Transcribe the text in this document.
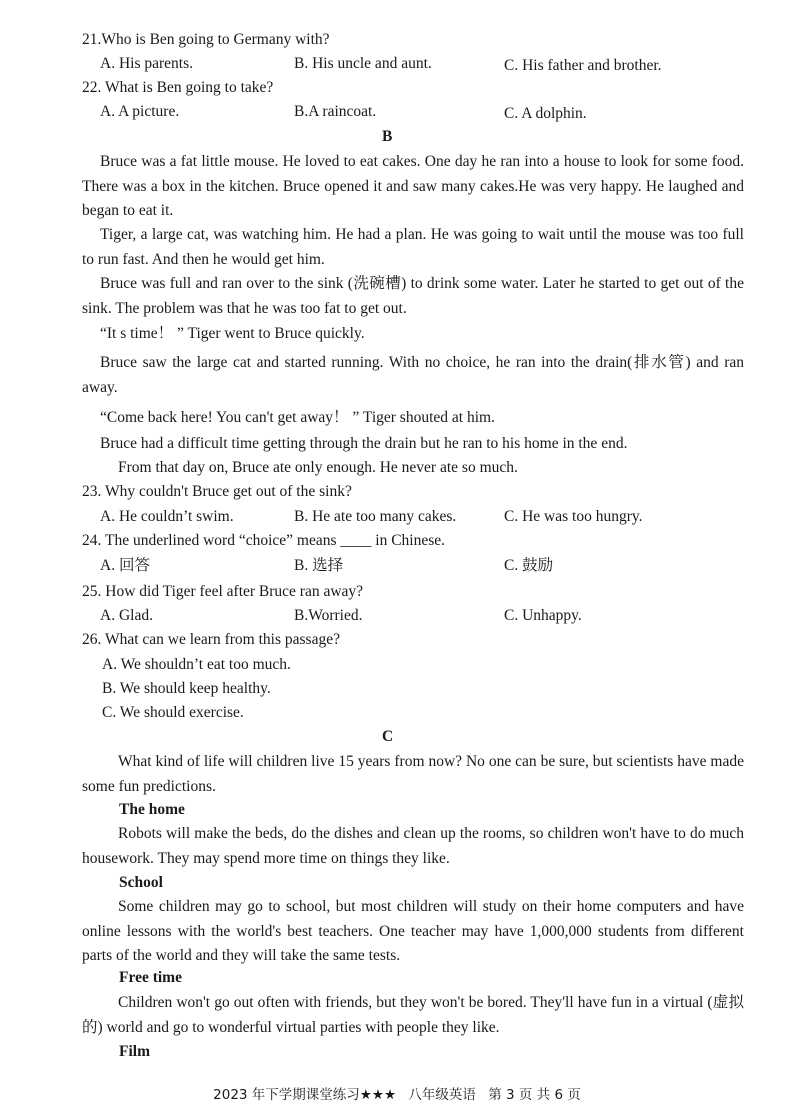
21.Who is Ben going to Germany with?
A. His parents.	B. His uncle and aunt.	C. His father and brother.
22. What is Ben going to take?
A. A picture.	B.A raincoat.	C. A dolphin.
B
Bruce was a fat little mouse. He loved to eat cakes. One day he ran into a house to look for some food. There was a box in the kitchen. Bruce opened it and saw many cakes.He was very happy. He laughed and began to eat it.
Tiger, a large cat, was watching him. He had a plan. He was going to wait until the mouse was too full to run fast. And then he would get him.
Bruce was full and ran over to the sink (洗碗槽) to drink some water. Later he started to get out of the sink. The problem was that he was too fat to get out.
“It s time！ ” Tiger went to Bruce quickly.
Bruce saw the large cat and started running. With no choice, he ran into the drain(排水管) and ran away.
“Come back here! You can't get away！ ” Tiger shouted at him.
Bruce had a difficult time getting through the drain but he ran to his home in the end.
From that day on, Bruce ate only enough. He never ate so much.
23. Why couldn't Bruce get out of the sink?
A. He couldn’t swim.	B. He ate too many cakes.	C. He was too hungry.
24. The underlined word “choice” means ____ in Chinese.
A. 回答	B. 选择	C. 鼓励
25. How did Tiger feel after Bruce ran away?
A. Glad.	B.Worried.	C. Unhappy.
26. What can we learn from this passage?
A. We shouldn’t eat too much.
B. We should keep healthy.
C. We should exercise.
C
What kind of life will children live 15 years from now? No one can be sure, but scientists have made some fun predictions.
The home
Robots will make the beds, do the dishes and clean up the rooms, so children won't have to do much housework. They may spend more time on things they like.
School
Some children may go to school, but most children will study on their home computers and have online lessons with the world's best teachers. One teacher may have 1,000,000 students from different parts of the world and they will take the same tests.
Free time
Children won't go out often with friends, but they won't be bored. They'll have fun in a virtual (虚拟的) world and go to wonderful virtual parties with people they like.
Film
2023 年下学期课堂练习★★★ 八年级英语 第 3 页 共 6 页
